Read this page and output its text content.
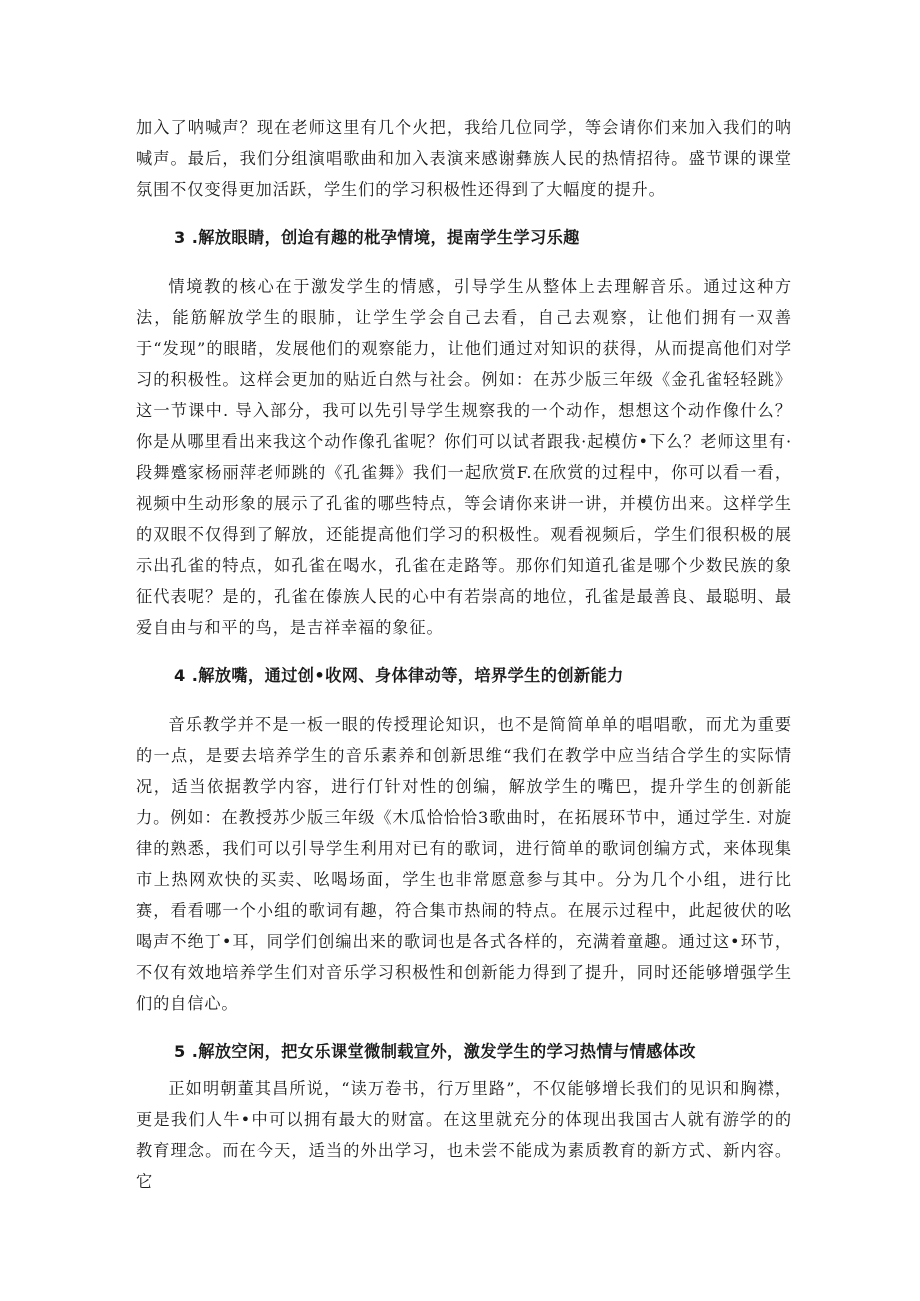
加入了呐喊声？现在老师这里有几个火把，我给几位同学，等会请你们来加入我们的呐喊声。最后，我们分组演唱歌曲和加入表演来感谢彝族人民的热情招待。盛节课的课堂氛围不仅变得更加活跃，学生们的学习积极性还得到了大幅度的提升。

3 .解放眼睛，创迨有趣的枇孕情境，提南学生学习乐趣

情境教的核心在于激发学生的情感，引导学生从整体上去理解音乐。通过这种方法，能筋解放学生的眼肺，让学生学会自己去看，自己去观察，让他们拥有一双善于“发现”的眼睹，发展他们的观察能力，让他们通过对知识的获得，从而提高他们对学习的积极性。这样会更加的贴近白然与社会。例如：在苏少版三年级《金孔雀轻轻跳》这一节课中. 导入部分，我可以先引导学生规察我的一个动作，想想这个动作像什么？你是从哪里看出来我这个动作像孔雀呢？你们可以试者跟我·起模仿•下么？老师这里有·段舞蹙家杨丽萍老师跳的《孔雀舞》我们一起欣赏F.在欣赏的过程中，你可以看一看，视频中生动形象的展示了孔雀的哪些特点，等会请你来讲一讲，并模仿出来。这样学生的双眼不仅得到了解放，还能提高他们学习的积极性。观看视频后，学生们很积极的展示出孔雀的特点，如孔雀在喝水，孔雀在走路等。那你们知道孔雀是哪个少数民族的象征代表呢？是的，孔雀在傣族人民的心中有若崇高的地位，孔雀是最善良、最聪明、最爱自由与和平的鸟，是吉祥幸福的象征。

4 .解放嘴，通过创•收网、身体律动等，培界学生的创新能力

音乐教学并不是一板一眼的传授理论知识，也不是简简单单的唱唱歌，而尤为重要的一点，是要去培养学生的音乐素养和创新思维“我们在教学中应当结合学生的实际情况，适当依据教学内容，进行仃针对性的创编，解放学生的嘴巴，提升学生的创新能力。例如：在教授苏少版三年级《木瓜恰恰恰3歌曲时，在拓展环节中，通过学生. 对旋律的熟悉，我们可以引导学生利用对已有的歌词，进行简单的歌词创编方式，来体现集市上热网欢快的买卖、吆喝场面，学生也非常愿意参与其中。分为几个小组，进行比赛，看看哪一个小组的歌词有趣，符合集市热闹的特点。在展示过程中，此起彼伏的吆喝声不绝丁•耳，同学们创编出来的歌词也是各式各样的，充满着童趣。通过这•环节，不仅有效地培养学生们对音乐学习积极性和创新能力得到了提升，同时还能够增强学生们的自信心。

5 .解放空闲，把女乐课堂微制载宣外，激发学生的学习热情与情感体改

正如明朝董其昌所说，“读万卷书，行万里路”，不仅能够增长我们的见识和胸襟，更是我们人牛•中可以拥有最大的财富。在这里就充分的体现出我国古人就有游学的的教育理念。而在今天，适当的外出学习，也未尝不能成为素质教育的新方式、新内容。它
